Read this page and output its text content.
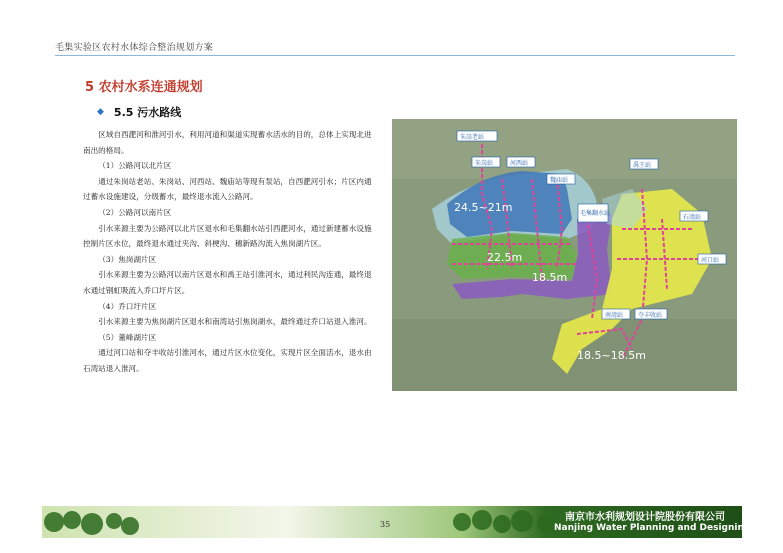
毛集实验区农村水体综合整治规划方案
5 农村水系连通规划
◆ 5.5 污水路线

区域自西淝河和淮河引水，利用河道和渠道实现蓄水活水的目的，总体上实现北进南出的格局。

（1）公路河以北片区

通过朱岗站老站、朱岗站、河西站、魏庙站等现有泵站，自西淝河引水；片区内通过蓄水设施建设，分级蓄水，最终退水流入公路河。

（2）公路河以南片区

引水来源主要为公路河以北片区退水和毛集翻水站引西淝河水，通过新建蓄水设施控制片区水位，最终退水通过夹沟、斜梗沟、穗新路沟流入焦岗湖片区。

（3）焦岗湖片区

引水来源主要为公路河以南片区退水和禹王站引淮河水，通过利民沟连通，最终退水通过钢虹吸流入乔口圩片区。

（4）乔口圩片区

引水来源主要为焦岗湖片区退水和南湾站引焦岗湖水，最终通过乔口站退入淮河。

（5）董峰湖片区

通过河口站和夺丰收站引淮河水，通过片区水位变化，实现片区全面活水，退水由石湾站退入淮河。

24.5~21m
22.5m
18.5m
18.5~18.5m
朱岗老站
朱岗站	河西站
魏庙站
毛集翻水站
禹王站
石湾站
河口站
南湾站 夺丰收站
35
南京市水利规划设计院股份有限公司
Nanjing Water Planning and Designing
